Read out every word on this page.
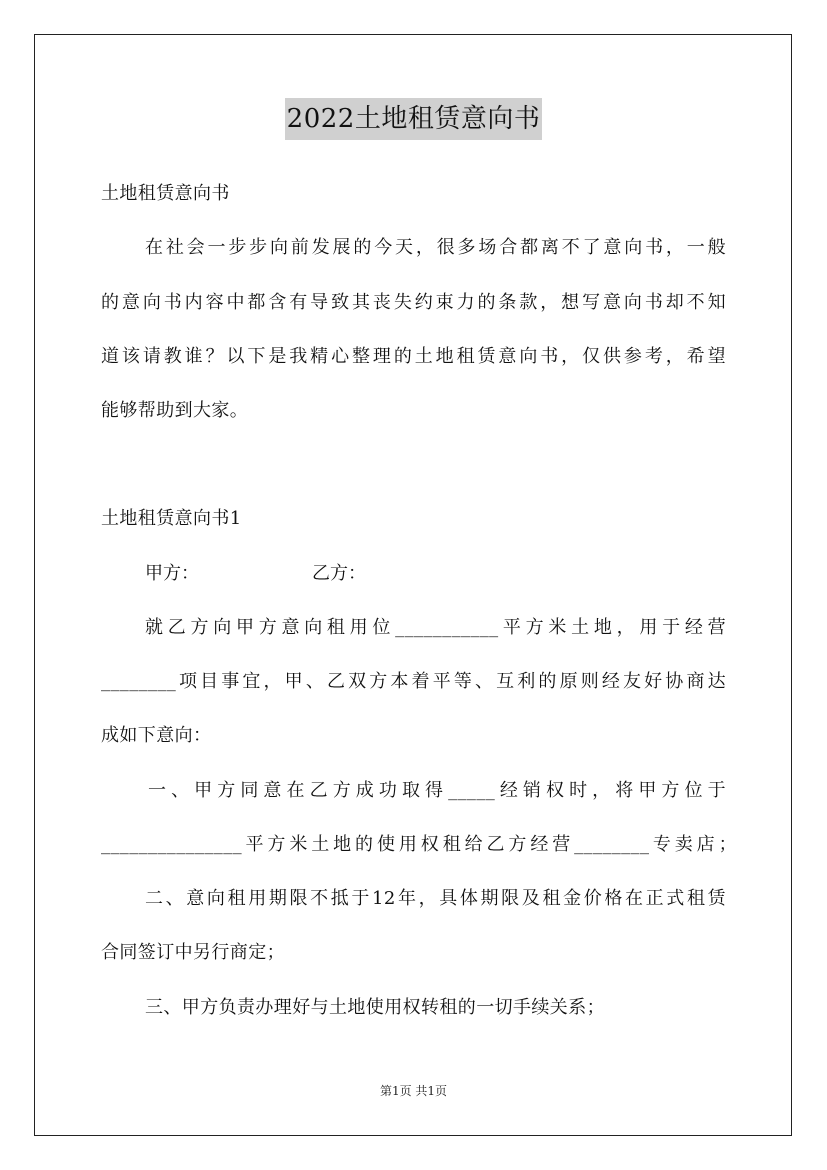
2022土地租赁意向书

土地租赁意向书

在社会一步步向前发展的今天，很多场合都离不了意向书，一般

的意向书内容中都含有导致其丧失约束力的条款，想写意向书却不知

道该请教谁？以下是我精心整理的土地租赁意向书，仅供参考，希望

能够帮助到大家。

土地租赁意向书1

甲方：	乙方：

就乙方向甲方意向租用位___________平方米土地，用于经营

________项目事宜，甲、乙双方本着平等、互利的原则经友好协商达

成如下意向：

一、甲方同意在乙方成功取得_____经销权时，将甲方位于

_______________平方米土地的使用权租给乙方经营________专卖店；

二、意向租用期限不抵于12年，具体期限及租金价格在正式租赁

合同签订中另行商定；

三、甲方负责办理好与土地使用权转租的一切手续关系；

第1页 共1页
